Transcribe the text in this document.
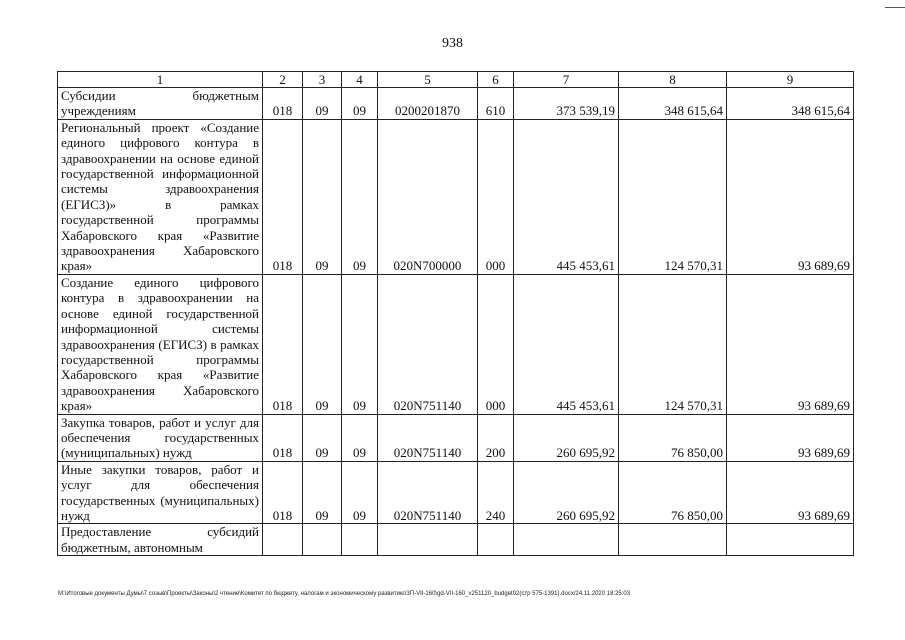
938
1	2	3	4	5	6	7	8	9
Субсидии бюджетным учреждениям	018	09	09	0200201870	610	373 539,19	348 615,64	348 615,64
Региональный проект «Создание единого цифрового контура в здравоохранении на основе единой государственной информационной системы здравоохранения (ЕГИСЗ)» в рамках государственной программы Хабаровского края «Развитие здравоохранения Хабаровского края»	018	09	09	020N700000	000	445 453,61	124 570,31	93 689,69
Создание единого цифрового контура в здравоохранении на основе единой государственной информационной системы здравоохранения (ЕГИСЗ) в рамках государственной программы Хабаровского края «Развитие здравоохранения Хабаровского края»	018	09	09	020N751140	000	445 453,61	124 570,31	93 689,69
Закупка товаров, работ и услуг для обеспечения государственных (муниципальных) нужд	018	09	09	020N751140	200	260 695,92	76 850,00	93 689,69
Иные закупки товаров, работ и услуг для обеспечения государственных (муниципальных) нужд	018	09	09	020N751140	240	260 695,92	76 850,00	93 689,69
Предоставление субсидий бюджетным, автономным								
M:\Итоговые документы Думы\7 созыв\Проекты\Законы\2 чтение\Комитет по бюджету, налогам и экономическому развитию\ЗП-VII-160\gd-VII-160_v251120_budget02(стр 575-1391).docx/24.11.2020 18:25:03
